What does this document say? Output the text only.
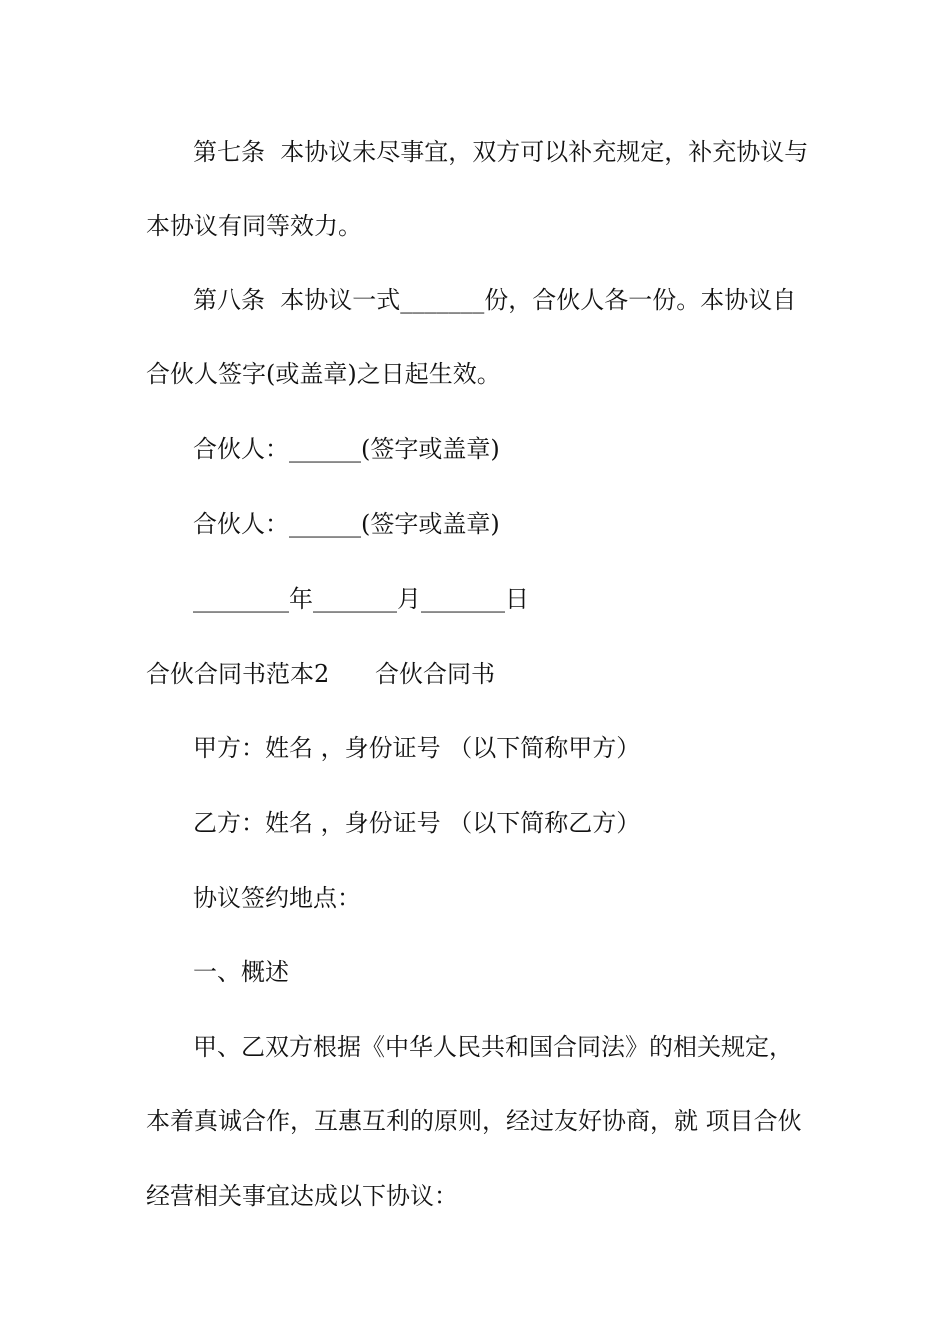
第七条  本协议未尽事宜，双方可以补充规定，补充协议与
本协议有同等效力。
第八条  本协议一式_______份，合伙人各一份。本协议自
合伙人签字(或盖章)之日起生效。
合伙人：______(签字或盖章)
合伙人：______(签字或盖章)
________年_______月_______日
合伙合同书范本2      合伙合同书
甲方：姓名 ，身份证号 （以下简称甲方）
乙方：姓名 ，身份证号 （以下简称乙方）
协议签约地点：
一、概述
甲、乙双方根据《中华人民共和国合同法》的相关规定，
本着真诚合作，互惠互利的原则，经过友好协商，就 项目合伙
经营相关事宜达成以下协议：
